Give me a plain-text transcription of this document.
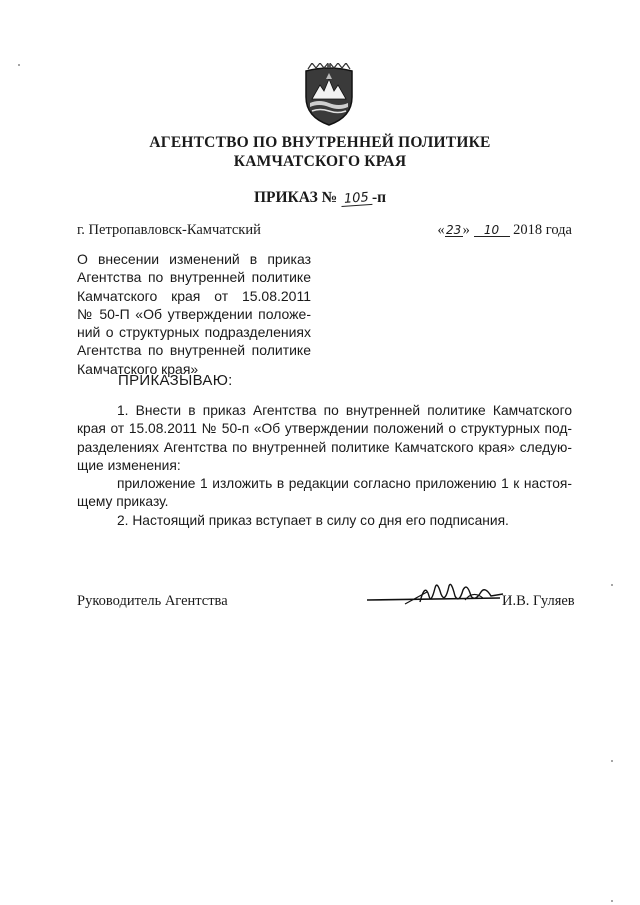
АГЕНТСТВО ПО ВНУТРЕННЕЙ ПОЛИТИКЕ
КАМЧАТСКОГО КРАЯ
ПРИКАЗ № 105 -п
г. Петропавловск-Камчатский	«23» 10 2018 года

О внесении изменений в приказ

Агентства по внутренней политике

Камчатского края от 15.08.2011

№ 50-П «Об утверждении положе-

ний о структурных подразделениях

Агентства по внутренней политике

Камчатского края»

ПРИКАЗЫВАЮ:

1. Внести в приказ Агентства по внутренней политике Камчатского

края от 15.08.2011 № 50-п «Об утверждении положений о структурных под-

разделениях Агентства по внутренней политике Камчатского края» следую-

щие изменения:

приложение 1 изложить в редакции согласно приложению 1 к настоя-

щему приказу.

2. Настоящий приказ вступает в силу со дня его подписания.

Руководитель Агентства	И.В. Гуляев
